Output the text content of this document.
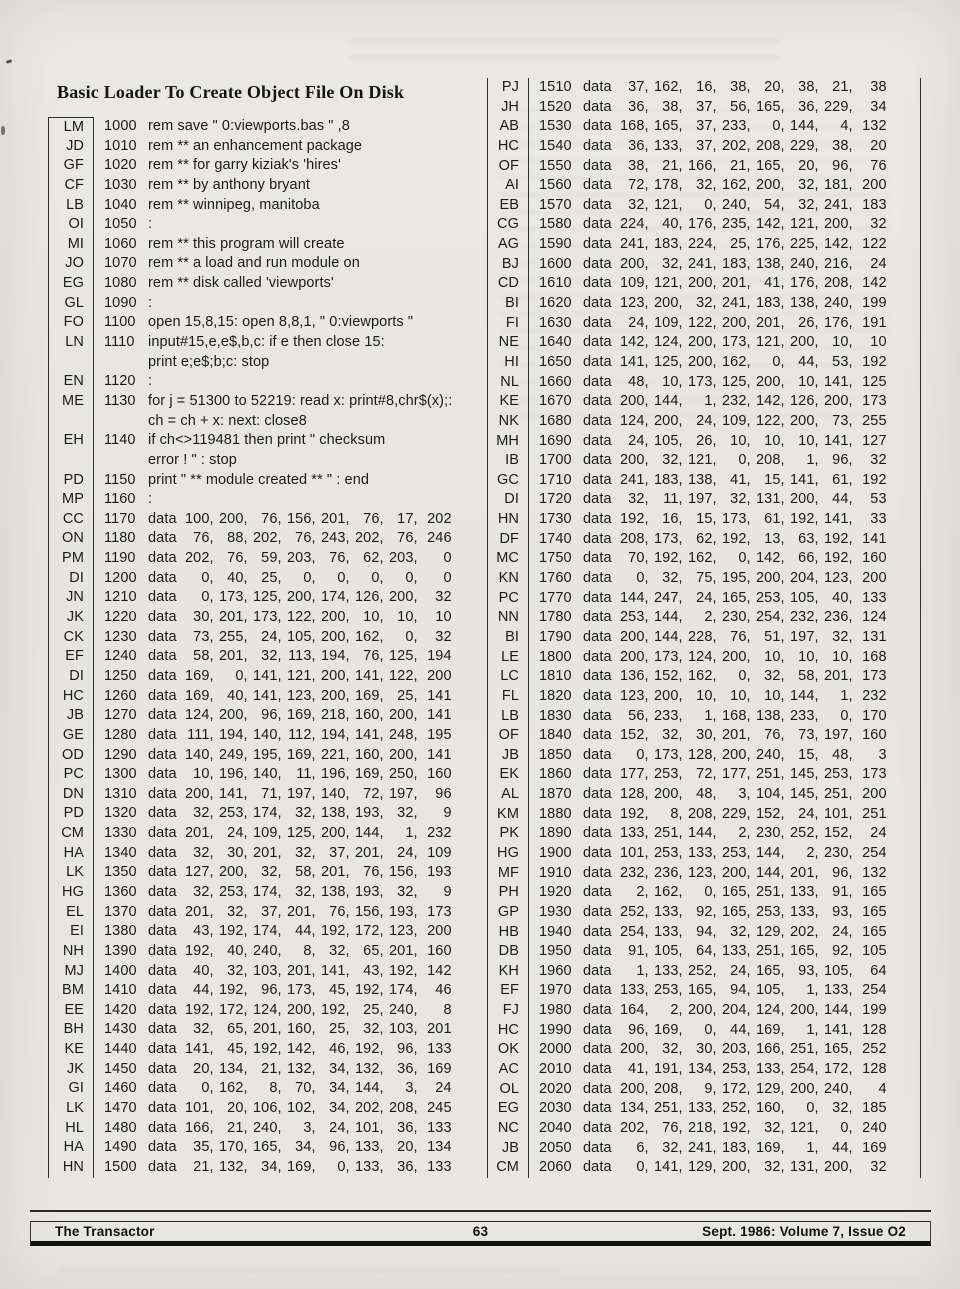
Basic Loader To Create Object File On Disk
LM	1000 rem save " 0:viewports.bas " ,8
JD	1010 rem ** an enhancement package
GF	1020 rem ** for garry kiziak's 'hires'
CF	1030 rem ** by anthony bryant
LB	1040 rem ** winnipeg, manitoba
OI	1050 :
MI	1060 rem ** this program will create
JO	1070 rem ** a load and run module on
EG	1080 rem ** disk called 'viewports'
GL	1090 :
FO	1100 open 15,8,15: open 8,8,1, " 0:viewports "
LN	1110 input#15,e,e$,b,c: if e then close 15:
print e;e$;b;c: stop
EN	1120 :
ME	1130 for j = 51300 to 52219: read x: print#8,chr$(x);:
ch = ch + x: next: close8
EH	1140 if ch<>119481 then print " checksum
error ! " : stop
PD	1150 print " ** module created ** " : end
MP	1160 :
CC	1170 data 100, 200, 76, 156, 201, 76, 17, 202
ON	1180 data	76, 88, 202, 76, 243, 202, 76, 246
PM	1190 data 202, 76, 59, 203, 76, 62, 203,	0
DI	1200 data	0, 40, 25,	0,	0,	0,	0,	0
JN	1210 data	0, 173, 125, 200, 174, 126, 200,	32
JK	1220 data	30, 201, 173, 122, 200, 10, 10,	10
CK	1230 data	73, 255, 24, 105, 200, 162,	0,	32
EF	1240 data	58, 201, 32, 113, 194, 76, 125, 194
DI	1250 data 169,	0, 141, 121, 200, 141, 122, 200
HC	1260 data 169, 40, 141, 123, 200, 169, 25, 141
JB	1270 data 124, 200, 96, 169, 218, 160, 200, 141
GE	1280 data 111, 194, 140, 112, 194, 141, 248, 195
OD	1290 data 140, 249, 195, 169, 221, 160, 200, 141
PC	1300 data	10, 196, 140,	11, 196, 169, 250, 160
DN	1310 data 200, 141, 71, 197, 140, 72, 197,	96
PD	1320 data	32, 253, 174, 32, 138, 193, 32,	9
CM	1330 data 201, 24, 109, 125, 200, 144,	1, 232
HA	1340 data	32, 30, 201, 32, 37, 201, 24, 109
LK	1350 data 127, 200, 32, 58, 201, 76, 156, 193
HG	1360 data	32, 253, 174, 32, 138, 193, 32,	9
EL	1370 data 201, 32, 37, 201, 76, 156, 193, 173
EI	1380 data	43, 192, 174, 44, 192, 172, 123, 200
NH	1390 data 192, 40, 240,	8, 32, 65, 201, 160
MJ	1400 data	40, 32, 103, 201, 141, 43, 192, 142
BM	1410 data	44, 192, 96, 173, 45, 192, 174,	46
EE	1420 data 192, 172, 124, 200, 192, 25, 240,	8
BH	1430 data	32, 65, 201, 160, 25, 32, 103, 201
KE	1440 data 141, 45, 192, 142, 46, 192, 96, 133
JK	1450 data	20, 134, 21, 132, 34, 132, 36, 169
GI	1460 data	0, 162,	8, 70, 34, 144,	3,	24
LK	1470 data 101, 20, 106, 102, 34, 202, 208, 245
HL	1480 data 166, 21, 240,	3, 24, 101, 36, 133
HA	1490 data	35, 170, 165, 34, 96, 133, 20, 134
HN	1500 data	21, 132, 34, 169,	0, 133, 36, 133
PJ	1510 data	37, 162, 16, 38, 20, 38, 21,	38
JH	1520 data	36, 38, 37, 56, 165, 36, 229,	34
AB	1530 data 168, 165, 37, 233,	0, 144,	4, 132
HC	1540 data	36, 133, 37, 202, 208, 229, 38,	20
OF	1550 data	38, 21, 166, 21, 165, 20, 96,	76
AI	1560 data	72, 178, 32, 162, 200, 32, 181, 200
EB	1570 data	32, 121,	0, 240, 54, 32, 241, 183
CG	1580 data 224, 40, 176, 235, 142, 121, 200,	32
AG	1590 data 241, 183, 224, 25, 176, 225, 142, 122
BJ	1600 data 200, 32, 241, 183, 138, 240, 216,	24
CD	1610 data 109, 121, 200, 201, 41, 176, 208, 142
BI	1620 data 123, 200, 32, 241, 183, 138, 240, 199
FI	1630 data	24, 109, 122, 200, 201, 26, 176, 191
NE	1640 data 142, 124, 200, 173, 121, 200, 10,	10
HI	1650 data 141, 125, 200, 162,	0, 44, 53, 192
NL	1660 data	48, 10, 173, 125, 200, 10, 141, 125
KE	1670 data 200, 144,	1, 232, 142, 126, 200, 173
NK	1680 data 124, 200, 24, 109, 122, 200, 73, 255
MH	1690 data	24, 105, 26, 10, 10, 10, 141, 127
IB	1700 data 200, 32, 121,	0, 208,	1, 96,	32
GC	1710 data 241, 183, 138, 41, 15, 141, 61, 192
DI	1720 data	32,	11, 197, 32, 131, 200, 44,	53
HN	1730 data 192, 16, 15, 173, 61, 192, 141,	33
DF	1740 data 208, 173, 62, 192, 13, 63, 192, 141
MC	1750 data	70, 192, 162,	0, 142, 66, 192, 160
KN	1760 data	0, 32, 75, 195, 200, 204, 123, 200
PC	1770 data 144, 247, 24, 165, 253, 105, 40, 133
NN	1780 data 253, 144,	2, 230, 254, 232, 236, 124
BI	1790 data 200, 144, 228, 76, 51, 197, 32, 131
LE	1800 data 200, 173, 124, 200, 10, 10, 10, 168
LC	1810 data 136, 152, 162,	0, 32, 58, 201, 173
FL	1820 data 123, 200, 10, 10, 10, 144,	1, 232
LB	1830 data	56, 233,	1, 168, 138, 233,	0, 170
OF	1840 data 152, 32, 30, 201, 76, 73, 197, 160
JB	1850 data	0, 173, 128, 200, 240, 15, 48,	3
EK	1860 data 177, 253, 72, 177, 251, 145, 253, 173
AL	1870 data 128, 200, 48,	3, 104, 145, 251, 200
KM	1880 data 192,	8, 208, 229, 152, 24, 101, 251
PK	1890 data 133, 251, 144,	2, 230, 252, 152,	24
HG	1900 data 101, 253, 133, 253, 144,	2, 230, 254
MF	1910 data 232, 236, 123, 200, 144, 201, 96, 132
PH	1920 data	2, 162,	0, 165, 251, 133, 91, 165
GP	1930 data 252, 133, 92, 165, 253, 133, 93, 165
HB	1940 data 254, 133, 94, 32, 129, 202, 24, 165
DB	1950 data	91, 105, 64, 133, 251, 165, 92, 105
KH	1960 data	1, 133, 252, 24, 165, 93, 105,	64
EF	1970 data 133, 253, 165, 94, 105,	1, 133, 254
FJ	1980 data 164,	2, 200, 204, 124, 200, 144, 199
HC	1990 data	96, 169,	0, 44, 169,	1, 141, 128
OK	2000 data 200, 32, 30, 203, 166, 251, 165, 252
AC	2010 data	41, 191, 134, 253, 133, 254, 172, 128
OL	2020 data 200, 208,	9, 172, 129, 200, 240,	4
EG	2030 data 134, 251, 133, 252, 160,	0, 32, 185
NC	2040 data 202, 76, 218, 192, 32, 121,	0, 240
JB	2050 data	6, 32, 241, 183, 169,	1, 44, 169
CM	2060 data	0, 141, 129, 200, 32, 131, 200,	32
The Transactor	63	Sept. 1986: Volume 7, Issue O2
